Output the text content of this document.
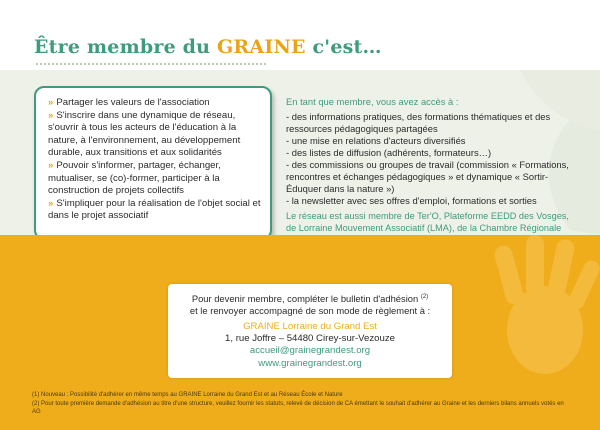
Être membre du GRAINE c'est…

» Partager les valeurs de l'association

» S'inscrire dans une dynamique de réseau, s'ouvrir à tous les acteurs de l'éducation à la nature, à l'environnement, au développement durable, aux transitions et aux solidarités

» Pouvoir s'informer, partager, échanger, mutualiser, se (co)-former, participer à la construction de projets collectifs

» S'impliquer pour la réalisation de l'objet social et dans le projet associatif

En tant que membre, vous avez accès à :
- des informations pratiques, des formations thématiques et des ressources pédagogiques partagées
- une mise en relations d'acteurs diversifiés
- des listes de diffusion (adhérents, formateurs…)
- des commissions ou groupes de travail (commission « Formations, rencontres et échanges pédagogiques » et dynamique « Sortir-Éduquer dans la nature »)
- la newsletter avec ses offres d'emploi, formations et sorties
Le réseau est aussi membre de Ter'O, Plateforme EEDD des Vosges, de Lorraine Mouvement Associatif (LMA), de la Chambre Régionale
Pour devenir membre, compléter le bulletin d'adhésion $^{(2)}$
et le renvoyer accompagné de son mode de règlement à :
GRAINE Lorraine du Grand Est
1, rue Joffre – 54480 Cirey-sur-Vezouze
accueil@grainegrandest.org
www.grainegrandest.org

(1) Nouveau : Possibilité d'adhérer en même temps au GRAINE Lorraine du Grand Est et au Réseau École et Nature

(2) Pour toute première demande d'adhésion au titre d'une structure, veuillez fournir les statuts, relevé de décision de CA émettant le souhait d'adhérer au Graine et les derniers bilans annuels votés en AG
